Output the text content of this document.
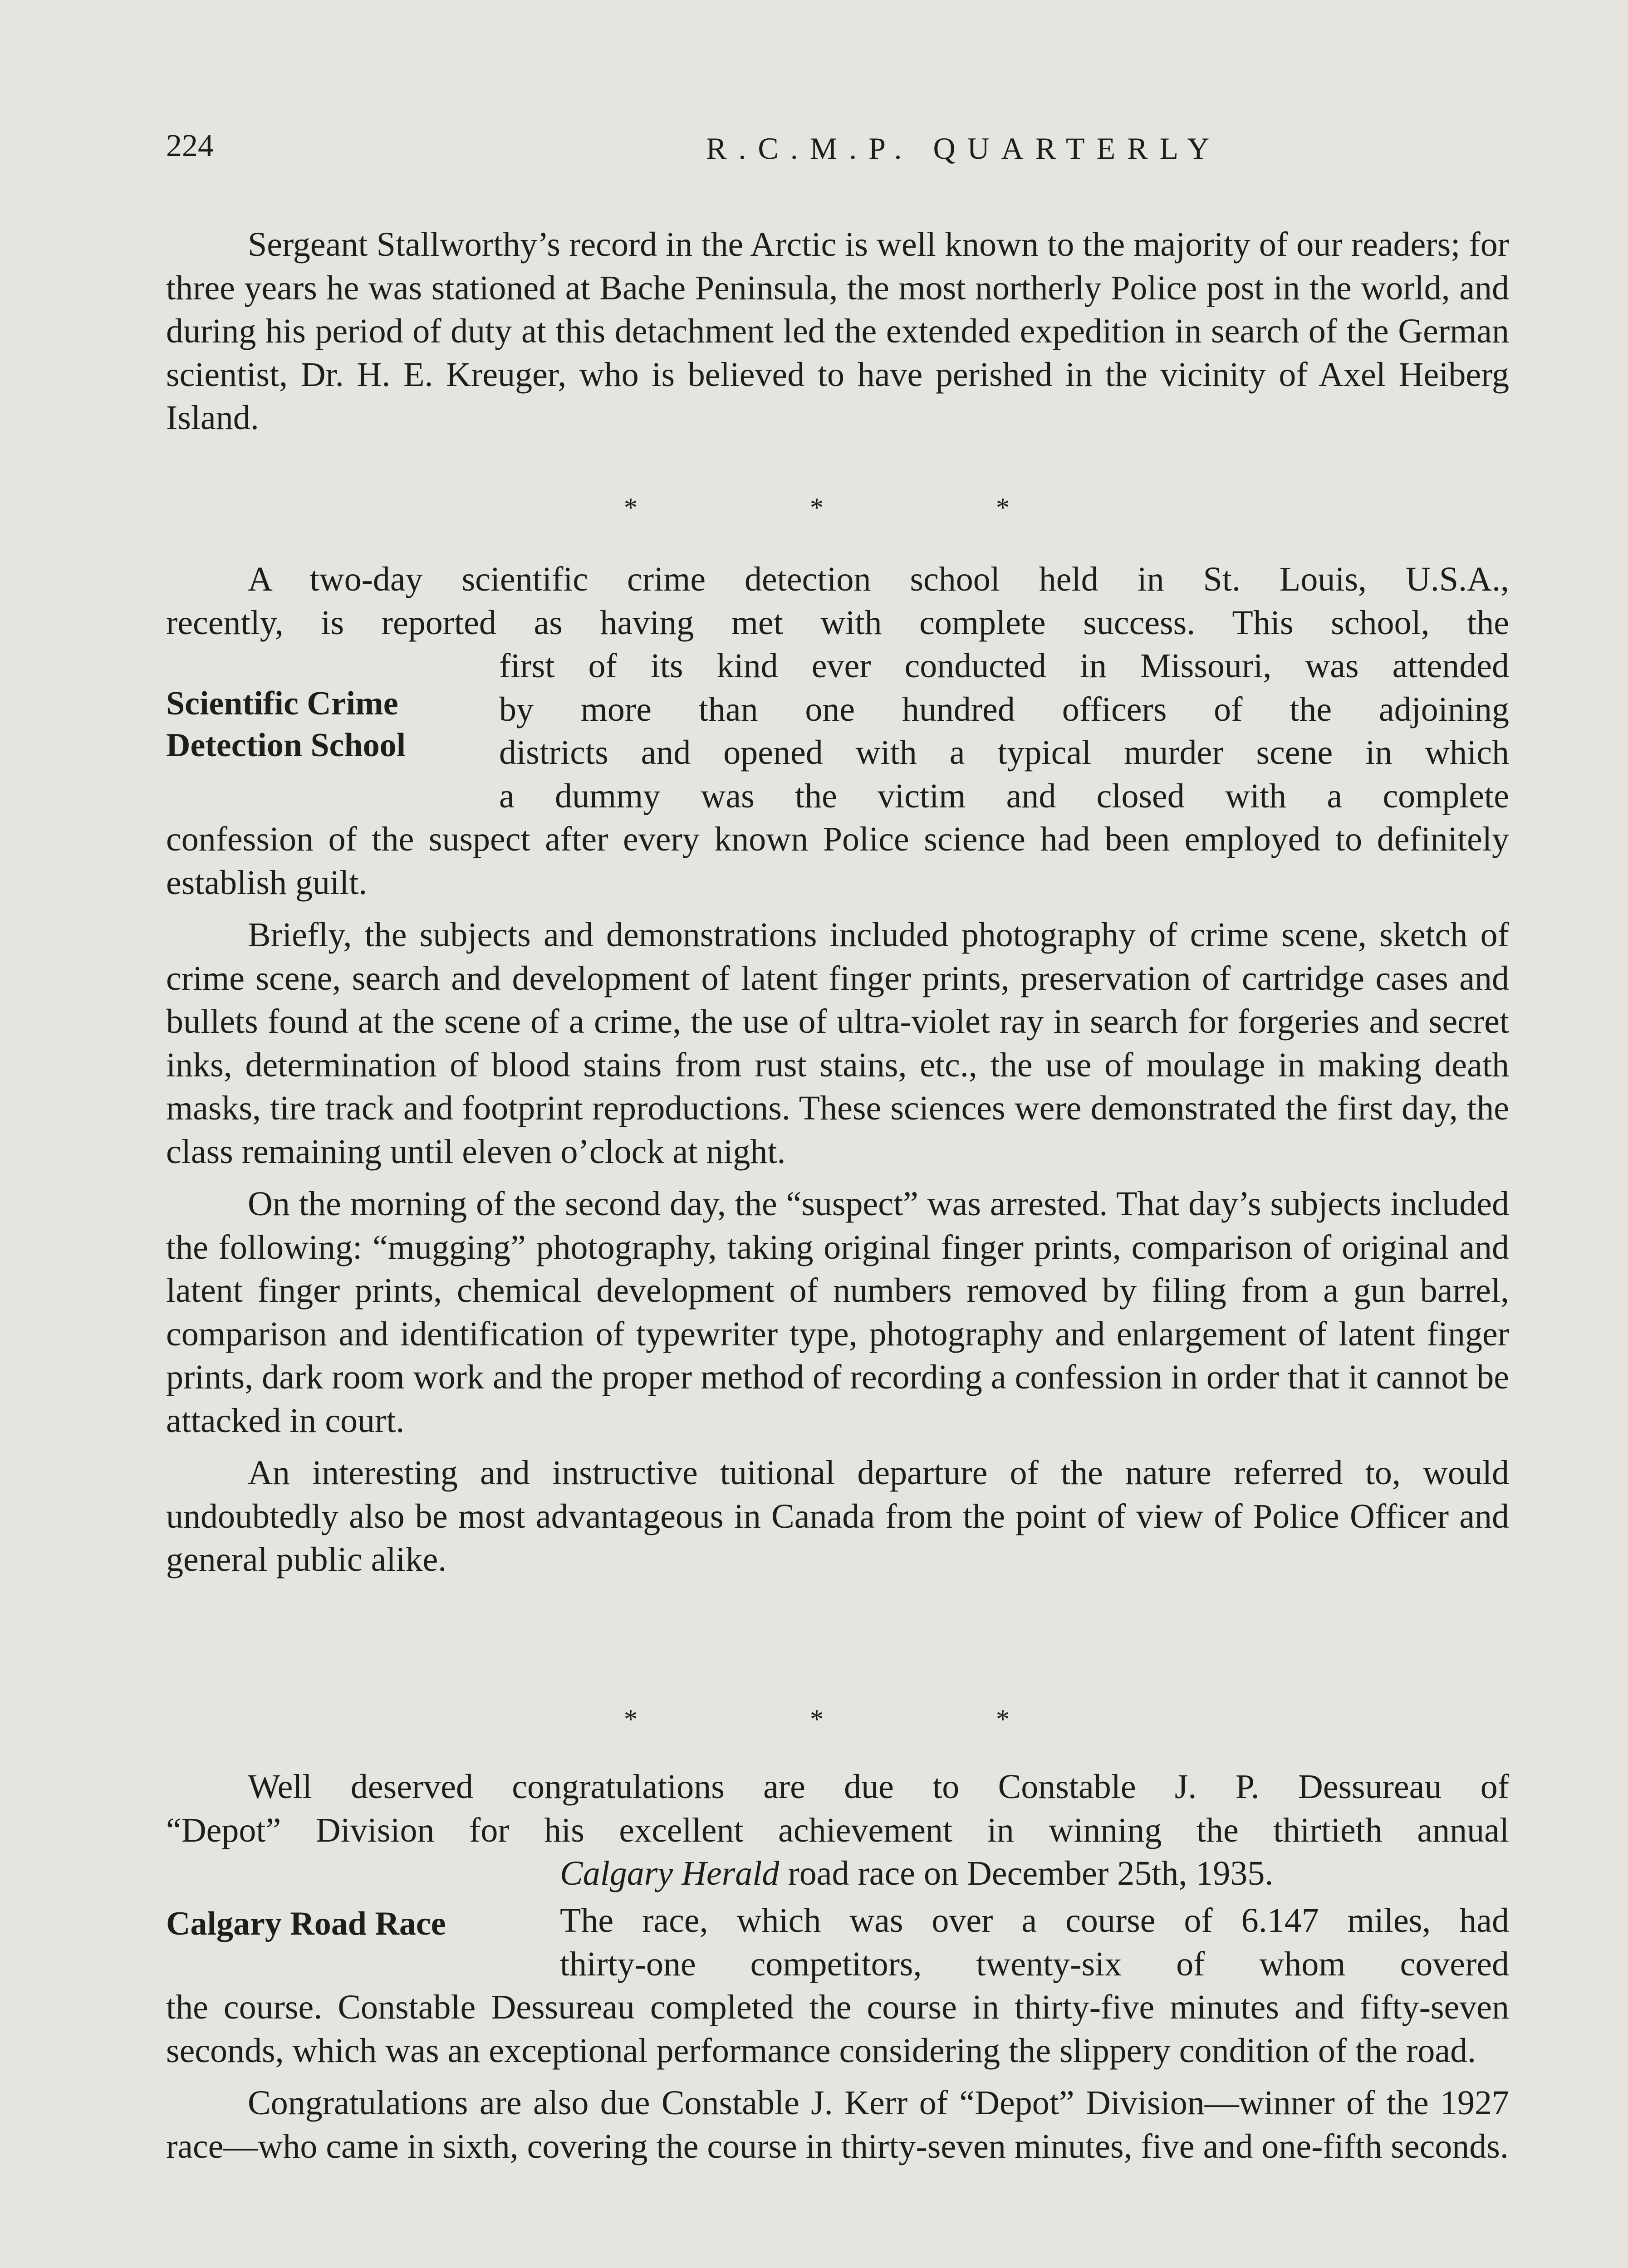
224	R.C.M.P. QUARTERLY

Sergeant Stallworthy’s record in the Arctic is well known to the majority of our readers; for three years he was stationed at Bache Peninsula, the most northerly Police post in the world, and during his period of duty at this detachment led the extended expedition in search of the German scientist, Dr. H. E. Kreuger, who is believed to have perished in the vicinity of Axel Heiberg Island.

*	*	*
A two-day scientific crime detection school held in St. Louis, U.S.A.,
recently, is reported as having met with complete success. This school, the
Scientific Crime
Detection School
first of its kind ever conducted in Missouri, was attended
by more than one hundred officers of the adjoining
districts and opened with a typical murder scene in which
a dummy was the victim and closed with a complete

confession of the suspect after every known Police science had been employed to definitely establish guilt.

Briefly, the subjects and demonstrations included photography of crime scene, sketch of crime scene, search and development of latent finger prints, preservation of cartridge cases and bullets found at the scene of a crime, the use of ultra-violet ray in search for forgeries and secret inks, determination of blood stains from rust stains, etc., the use of moulage in making death masks, tire track and footprint reproductions. These sciences were demonstrated the first day, the class remaining until eleven o’clock at night.

On the morning of the second day, the “suspect” was arrested. That day’s subjects included the following: “mugging” photography, taking original finger prints, comparison of original and latent finger prints, chemical development of numbers removed by filing from a gun barrel, comparison and identification of typewriter type, photography and enlargement of latent finger prints, dark room work and the proper method of recording a confession in order that it cannot be attacked in court.

An interesting and instructive tuitional departure of the nature referred to, would undoubtedly also be most advantageous in Canada from the point of view of Police Officer and general public alike.

*	*	*
Well deserved congratulations are due to Constable J. P. Dessureau of
“Depot” Division for his excellent achievement in winning the thirtieth annual
Calgary Herald road race on December 25th, 1935.
Calgary Road Race	The race, which was over a course of 6.147 miles, had
thirty-one competitors, twenty-six of whom covered

the course. Constable Dessureau completed the course in thirty-five minutes and fifty-seven seconds, which was an exceptional performance considering the slippery condition of the road.

Congratulations are also due Constable J. Kerr of “Depot” Division—winner of the 1927 race—who came in sixth, covering the course in thirty-seven minutes, five and one-fifth seconds.
